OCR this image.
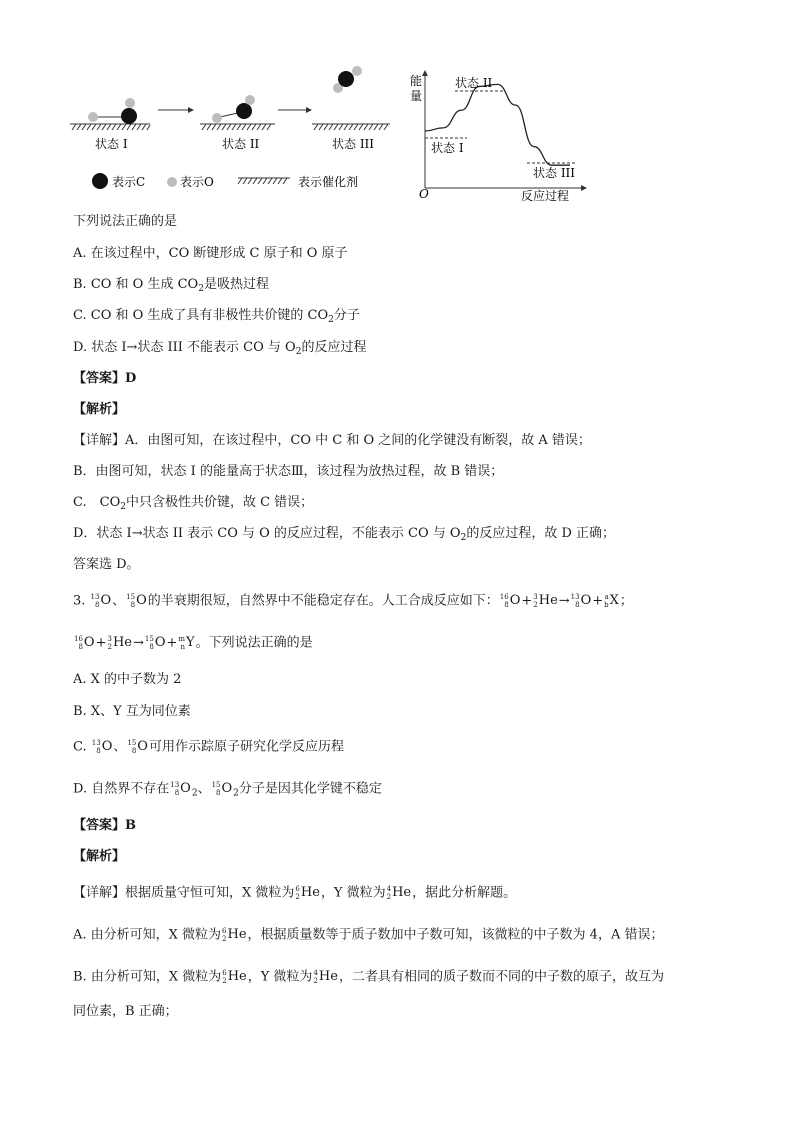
状态 I	状态 II	状态 III
表示C	表示O	表示催化剂
能
量
O	反应过程
状态 I
状态 II
状态 III
下列说法正确的是
A. 在该过程中，CO 断键形成 C 原子和 O 原子
B. CO 和 O 生成 $CO_2$是吸热过程
C. CO 和 O 生成了具有非极性共价键的 $CO_2$分子
D. 状态 I→状态 III 不能表示 CO 与 $O_2$的反应过程
【答案】D
【解析】
【详解】A．由图可知，在该过程中，CO 中 C 和 O 之间的化学键没有断裂，故 A 错误；
B．由图可知，状态 I 的能量高于状态Ⅲ，该过程为放热过程，故 B 错误；
C.　$CO_2$中只含极性共价键，故 C 错误；
D．状态 I→状态 II 表示 CO 与 O 的反应过程，不能表示 CO 与 $O_2$的反应过程，故 D 正确；
答案选 D。
3. 13
8 O、 15
8 O的半衰期很短，自然界中不能稳定存在。人工合成反应如下： 16
8 O+ 3
2 He→ 13
8 O+ a
b X；
16
8 O+ 3
2 He→ 15
8 O+ m
n Y。下列说法正确的是
A. X 的中子数为 2
B. X、Y 互为同位素
C. 13
8 O、 15
8 O可用作示踪原子研究化学反应历程
D. 自然界不存在 13
8 $O_2$、 15
8 $O_2$分子是因其化学键不稳定
【答案】B
【解析】
【详解】根据质量守恒可知，X 微粒为 6
2 He，Y 微粒为 4
2 He，据此分析解题。
A. 由分析可知，X 微粒为 6
2 He，根据质量数等于质子数加中子数可知，该微粒的中子数为 4，A 错误；
B. 由分析可知，X 微粒为 6
2 He，Y 微粒为 4
2 He，二者具有相同的质子数而不同的中子数的原子，故互为
同位素，B 正确；
